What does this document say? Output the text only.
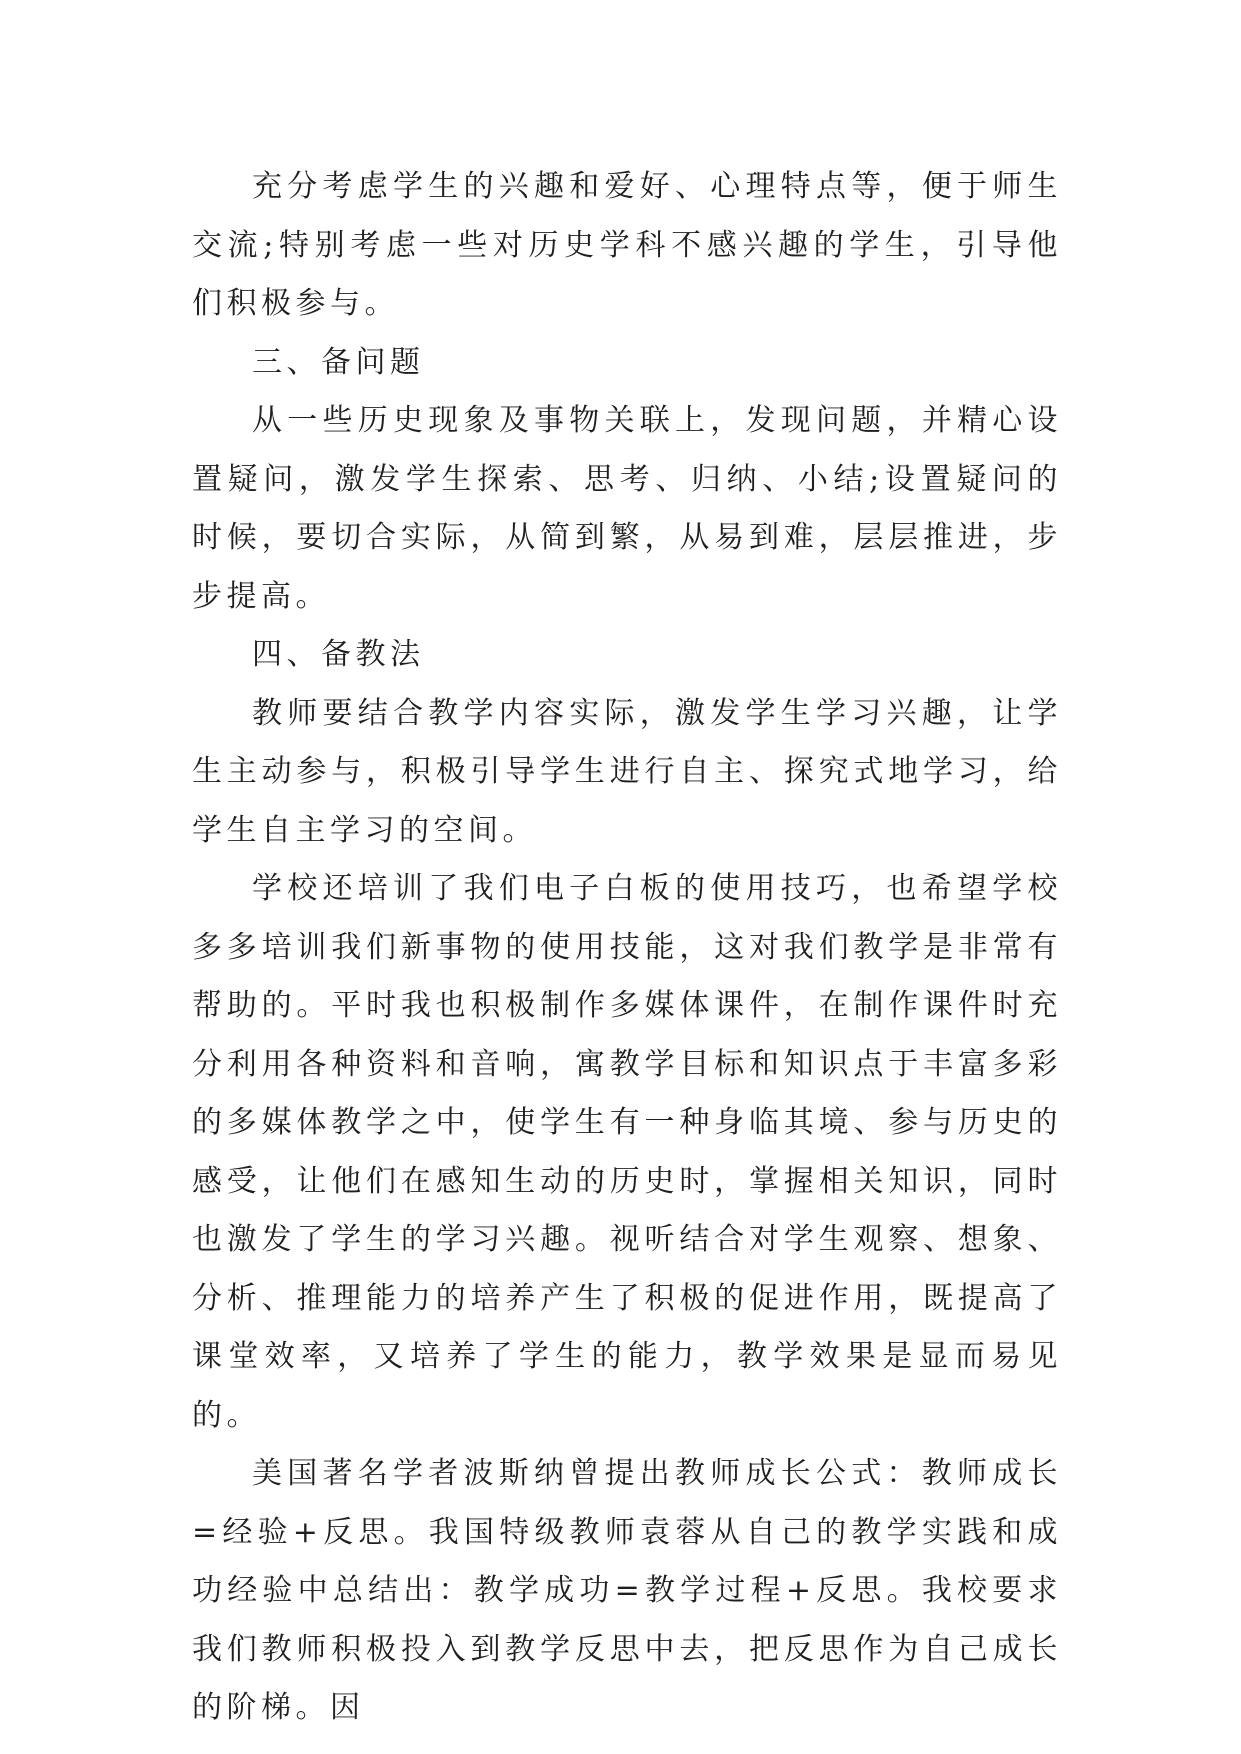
充分考虑学生的兴趣和爱好、心理特点等，便于师生交流;特别考虑一些对历史学科不感兴趣的学生，引导他们积极参与。

三、备问题

从一些历史现象及事物关联上，发现问题，并精心设置疑问，激发学生探索、思考、归纳、小结;设置疑问的时候，要切合实际，从简到繁，从易到难，层层推进，步步提高。

四、备教法

教师要结合教学内容实际，激发学生学习兴趣，让学生主动参与，积极引导学生进行自主、探究式地学习，给学生自主学习的空间。

学校还培训了我们电子白板的使用技巧，也希望学校多多培训我们新事物的使用技能，这对我们教学是非常有帮助的。平时我也积极制作多媒体课件，在制作课件时充分利用各种资料和音响，寓教学目标和知识点于丰富多彩的多媒体教学之中，使学生有一种身临其境、参与历史的感受，让他们在感知生动的历史时，掌握相关知识，同时也激发了学生的学习兴趣。视听结合对学生观察、想象、分析、推理能力的培养产生了积极的促进作用，既提高了课堂效率，又培养了学生的能力，教学效果是显而易见的。

美国著名学者波斯纳曾提出教师成长公式：教师成长=经验+反思。我国特级教师袁蓉从自己的教学实践和成功经验中总结出：教学成功=教学过程+反思。我校要求我们教师积极投入到教学反思中去，把反思作为自己成长的阶梯。因
